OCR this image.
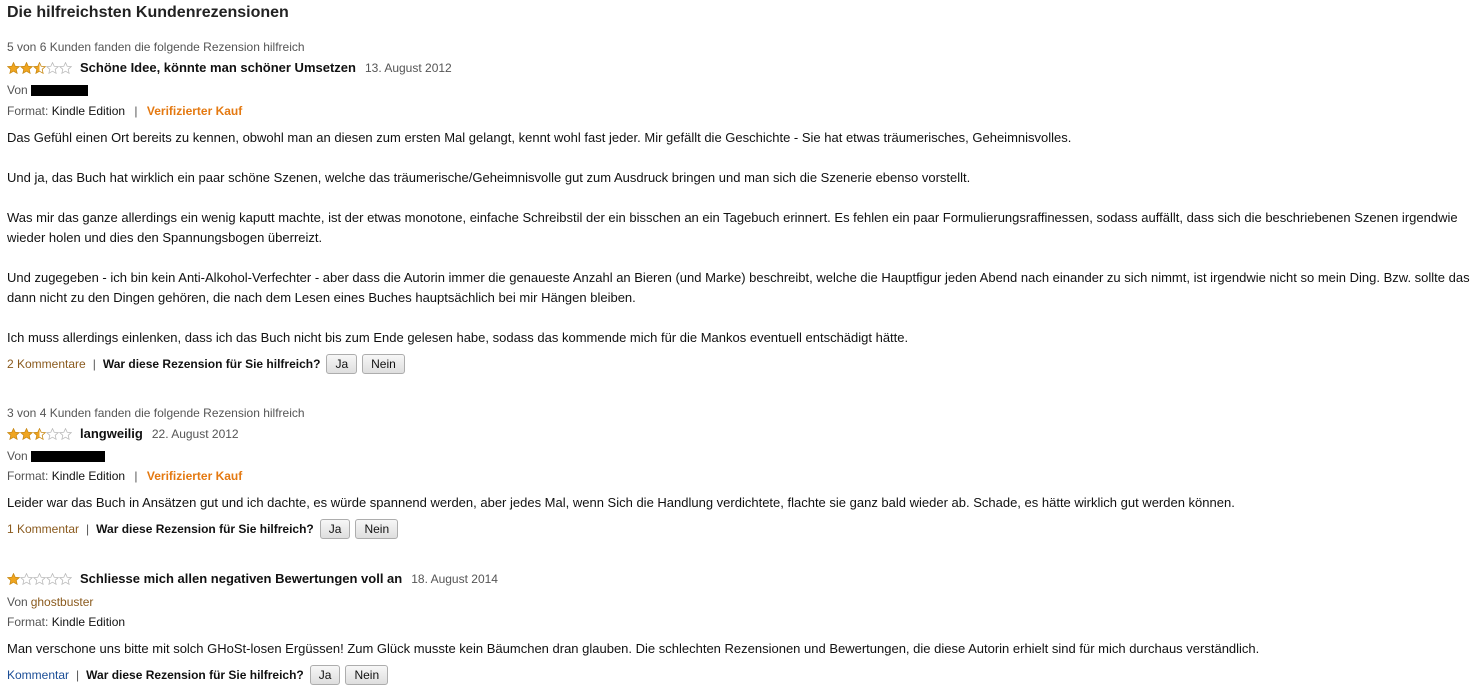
Die hilfreichsten Kundenrezensionen
5 von 6 Kunden fanden die folgende Rezension hilfreich
Schöne Idee, könnte man schöner Umsetzen 13. August 2012
Von
Format: Kindle Edition | Verifizierter Kauf

Das Gefühl einen Ort bereits zu kennen, obwohl man an diesen zum ersten Mal gelangt, kennt wohl fast jeder. Mir gefällt die Geschichte - Sie hat etwas träumerisches, Geheimnisvolles.

Und ja, das Buch hat wirklich ein paar schöne Szenen, welche das träumerische/Geheimnisvolle gut zum Ausdruck bringen und man sich die Szenerie ebenso vorstellt.

Was mir das ganze allerdings ein wenig kaputt machte, ist der etwas monotone, einfache Schreibstil der ein bisschen an ein Tagebuch erinnert. Es fehlen ein paar Formulierungsraffinessen, sodass auffällt, dass sich die beschriebenen Szenen irgendwie wieder holen und dies den Spannungsbogen überreizt.

Und zugegeben - ich bin kein Anti-Alkohol-Verfechter - aber dass die Autorin immer die genaueste Anzahl an Bieren (und Marke) beschreibt, welche die Hauptfigur jeden Abend nach einander zu sich nimmt, ist irgendwie nicht so mein Ding. Bzw. sollte das dann nicht zu den Dingen gehören, die nach dem Lesen eines Buches hauptsächlich bei mir Hängen bleiben.

Ich muss allerdings einlenken, dass ich das Buch nicht bis zum Ende gelesen habe, sodass das kommende mich für die Mankos eventuell entschädigt hätte.

2 Kommentare | War diese Rezension für Sie hilfreich?	Ja	Nein
3 von 4 Kunden fanden die folgende Rezension hilfreich
langweilig 22. August 2012
Von
Format: Kindle Edition | Verifizierter Kauf

Leider war das Buch in Ansätzen gut und ich dachte, es würde spannend werden, aber jedes Mal, wenn Sich die Handlung verdichtete, flachte sie ganz bald wieder ab. Schade, es hätte wirklich gut werden können.

1 Kommentar | War diese Rezension für Sie hilfreich?	Ja	Nein
Schliesse mich allen negativen Bewertungen voll an 18. August 2014
Von ghostbuster
Format: Kindle Edition

Man verschone uns bitte mit solch GHoSt-losen Ergüssen! Zum Glück musste kein Bäumchen dran glauben. Die schlechten Rezensionen und Bewertungen, die diese Autorin erhielt sind für mich durchaus verständlich.

Kommentar | War diese Rezension für Sie hilfreich?	Ja	Nein
